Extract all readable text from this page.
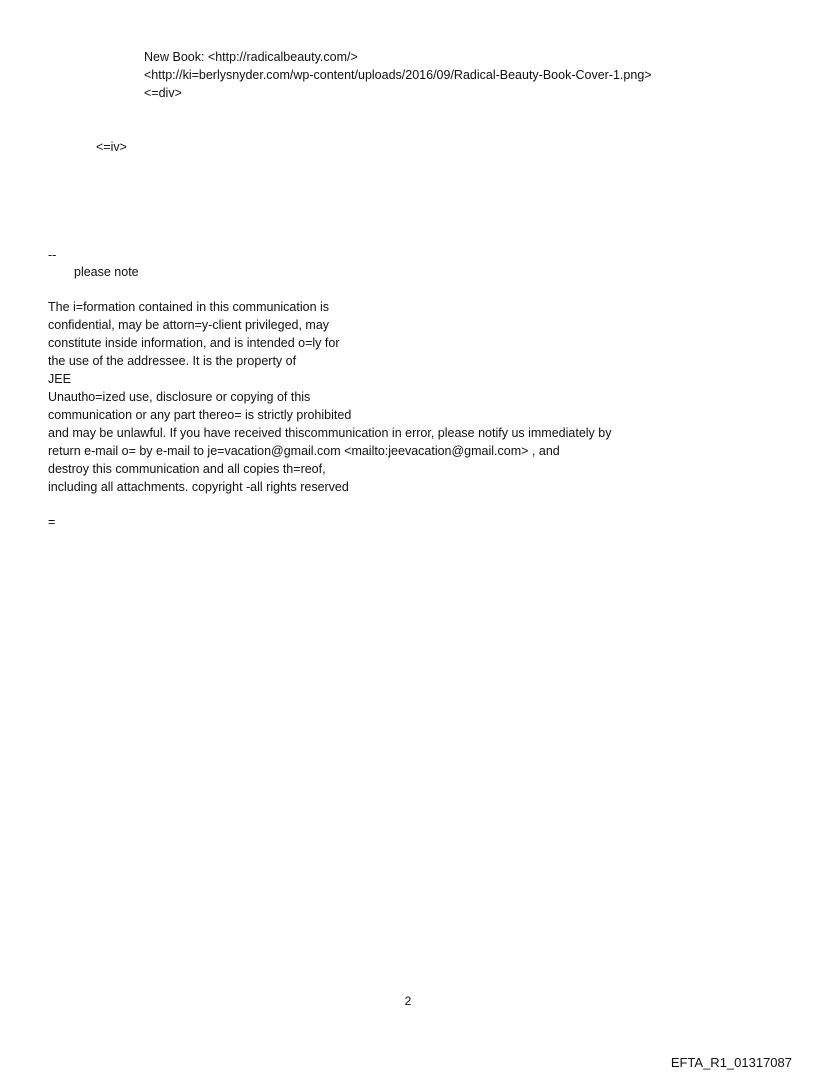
New Book: <http://radicalbeauty.com/>
<http://ki=berlysnyder.com/wp-content/uploads/2016/09/Radical-Beauty-Book-Cover-1.png>
<=div>
<=iv>
--
please note
The i=formation contained in this communication is
confidential, may be attorn=y-client privileged, may
constitute inside information, and is intended o=ly for
the use of the addressee. It is the property of
JEE
Unautho=ized use, disclosure or copying of this
communication or any part thereo= is strictly prohibited
and may be unlawful. If you have received thiscommunication in error, please notify us immediately by
return e-mail o= by e-mail to je=vacation@gmail.com <mailto:jeevacation@gmail.com> , and
destroy this communication and all copies th=reof,
including all attachments. copyright -all rights reserved
=
2
EFTA_R1_01317087
